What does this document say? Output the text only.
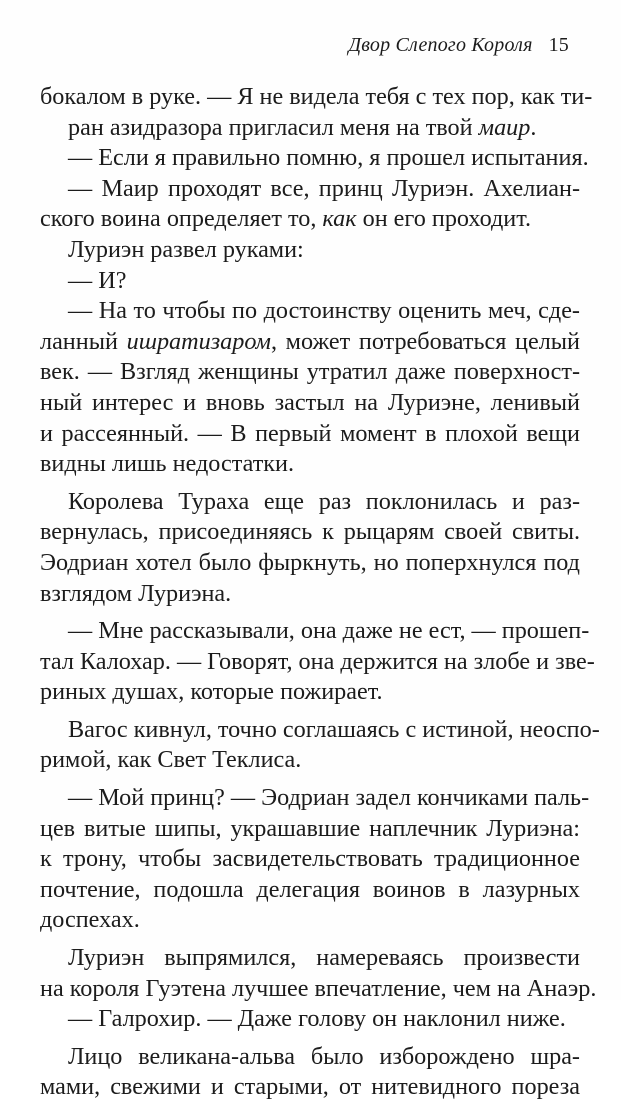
Двор Слепого Короля 15
бокалом в руке. — Я не видела тебя с тех пор, как ти-
ран азидразора пригласил меня на твой маир.
— Если я правильно помню, я прошел испытания.
— Маир проходят все, принц Луриэн. Ахелиан-
ского воина определяет то, как он его проходит.
Луриэн развел руками:
— И?
— На то чтобы по достоинству оценить меч, сде-
ланный ишратизаром, может потребоваться целый
век. — Взгляд женщины утратил даже поверхност-
ный интерес и вновь застыл на Луриэне, ленивый
и рассеянный. — В первый момент в плохой вещи
видны лишь недостатки.
Королева Тураха еще раз поклонилась и раз-
вернулась, присоединяясь к рыцарям своей свиты.
Эодриан хотел было фыркнуть, но поперхнулся под
взглядом Луриэна.
— Мне рассказывали, она даже не ест, — прошеп-
тал Калохар. — Говорят, она держится на злобе и зве-
риных душах, которые пожирает.
Вагос кивнул, точно соглашаясь с истиной, неоспо-
римой, как Свет Теклиса.
— Мой принц? — Эодриан задел кончиками паль-
цев витые шипы, украшавшие наплечник Луриэна:
к трону, чтобы засвидетельствовать традиционное
почтение, подошла делегация воинов в лазурных
доспехах.
Луриэн выпрямился, намереваясь произвести
на короля Гуэтена лучшее впечатление, чем на Анаэр.
— Галрохир. — Даже голову он наклонил ниже.
Лицо великана-альва было изборождено шра-
мами, свежими и старыми, от нитевидного пореза
